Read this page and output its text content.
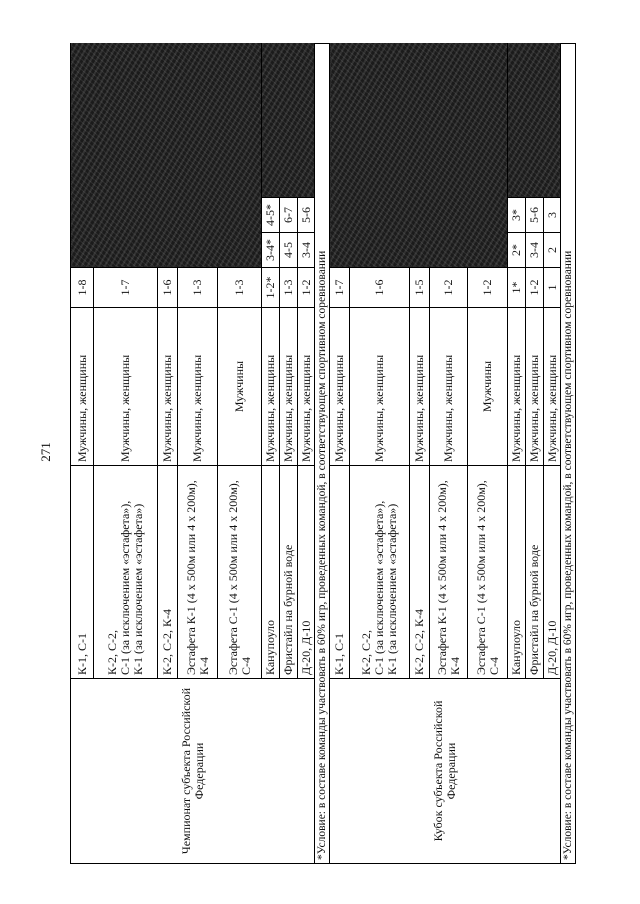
271
Чемпионат субъекта Российской Федерации	К-1, С-1	Мужчины, женщины	1-8			

	К-2, С-2, С-1 (за исключением «эстафета»), К-1 (за исключением «эстафета»)	Мужчины, женщины	1-7			
	К-2, С-2, К-4	Мужчины, женщины	1-6			

	Эстафета К-1 (4 х 500м или 4 х 200м), К-4	Мужчины, женщины	1-3			

	Эстафета С-1 (4 х 500м или 4 х 200м), С-4	Мужчины	1-3			
	Канупоуло	Мужчины, женщины	1-2*	3-4*	4-5*	
	Фристайл на бурной воде	Мужчины, женщины	1-3	4-5	6-7	
	Д-20, Д-10	Мужчины, женщины	1-2	3-4	5-6	
*Условие: в составе команды участвовать в 60% игр, проведенных командой, в соответствующем спортивном соревновании						
Кубок субъекта Российской Федерации	К-1, С-1	Мужчины, женщины	1-7			

	К-2, С-2, С-1 (за исключением «эстафета»), К-1 (за исключением «эстафета»)	Мужчины, женщины	1-6			
	К-2, С-2, К-4	Мужчины, женщины	1-5			

	Эстафета К-1 (4 х 500м или 4 х 200м), К-4	Мужчины, женщины	1-2			

	Эстафета С-1 (4 х 500м или 4 х 200м), С-4	Мужчины	1-2			
	Канупоуло	Мужчины, женщины	1*	2*	3*	
	Фристайл на бурной воде	Мужчины, женщины	1-2	3-4	5-6	
	Д-20, Д-10	Мужчины, женщины	1	2	3	
*Условие: в составе команды участвовать в 60% игр, проведенных командой, в соответствующем спортивном соревновании						
